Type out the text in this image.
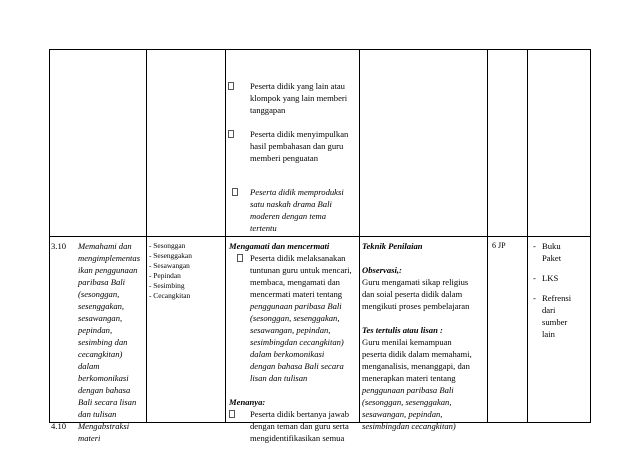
Peserta didik yang lain atau
klompok yang lain memberi
tanggapan
Peserta didik menyimpulkan
hasil pembahasan dan guru
memberi penguatan
Peserta didik memproduksi
satu naskah drama Bali
moderen dengan tema
tertentu
3.10 Memahami dan
mengimplementas
ikan penggunaan
paribasa Bali
(sesonggan,
sesenggakan,
sesawangan,
pepindan,
sesimbing dan
cecangkitan)
dalam
berkomonikasi
dengan bahasa
Bali secara lisan
dan tulisan
4.10 Mengabstraksi
materi
- Sesonggan
- Sesenggakan
- Sesawangan
- Pepindan
- Sesimbing
- Cecangkitan
Mengamati dan mencermati
Peserta didik melaksanakan
tuntunan guru untuk mencari,
membaca, mengamati dan
mencermati materi tentang
penggunaan paribasa Bali
(sesonggan, sesenggakan,
sesawangan, pepindan,
sesimbingdan cecangkitan)
dalam berkomonikasi
dengan bahasa Bali secara
lisan dan tulisan
Menanya:
Peserta didik bertanya jawab
dengan teman dan guru serta
mengidentifikasikan semua
Teknik Penilaian
Observasi,:
Guru mengamati sikap religius
dan soial peserta didik dalam
mengikuti proses pembelajaran
Tes tertulis atau lisan :
Guru menilai kemampuan
peserta didik dalam memahami,
menganalisis, menanggapi, dan
menerapkan materi tentang
penggunaan paribasa Bali
(sesonggan, sesenggakan,
sesawangan, pepindan,
sesimbingdan cecangkitan)
6 JP	- Buku
Paket
- LKS
- Refrensi
dari
sumber
lain
